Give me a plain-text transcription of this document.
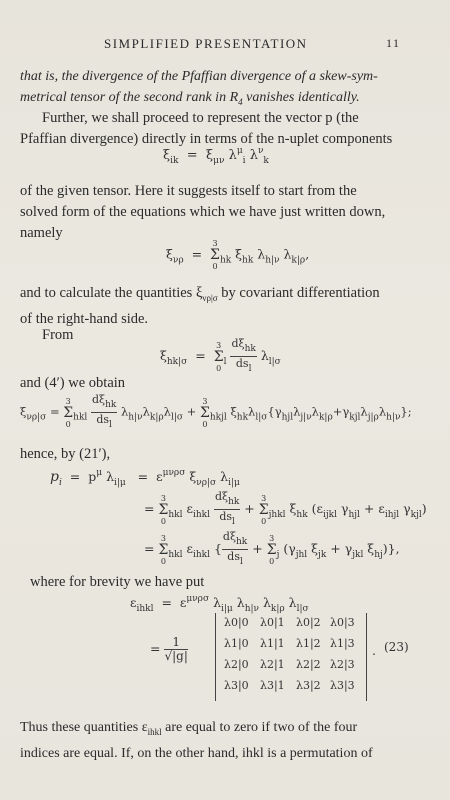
SIMPLIFIED PRESENTATION	11
that is, the divergence of the Pfaffian divergence of a skew-sym-
metrical tensor of the second rank in $R_4$ vanishes identically.
Further, we shall proceed to represent the vector p (the
Pfaffian divergence) directly in terms of the n-uplet components
$\xi_{ik} = \xi_{\mu\nu}$ $\lambda^\mu_i$ $\lambda^\nu_k$
of the given tensor. Here it suggests itself to start from the
solved form of the equations which we have just written down,
namely
$\xi_{\nu\rho}$  =
3
Σ
0
$_{hk}$ $\xi_{hk}$ $\lambda_{h|\nu}$ $\lambda_{k|\rho}$,
and to calculate the quantities $\xi_{\nu\rho|\sigma}$ by covariant differentiation
of the right-hand side.
From
$\xi_{hk|\sigma}$  =
3
Σ
0
$_l \frac{d\xi_{hk}}{ds_l} \lambda_{l|\sigma}$
and (4′) we obtain
$\xi_{\nu\rho|\sigma}$ =
3
Σ
0
$_{hkl} \frac{d\xi_{hk}}{ds_l} \lambda_{h|\nu}\lambda_{k|\rho}\lambda_{l|\sigma}$ +
3
Σ
0
$_{hkjl}$ $\xi_{hk}\lambda_{l|\sigma}\{\gamma_{hjl}\lambda_{j|\nu}\lambda_{k|\rho}+\gamma_{kjl}\lambda_{j|\rho}\lambda_{h|\nu}\}$;
hence, by (21′),
$p_i = p^\mu$ $\lambda_{i|\mu} = \varepsilon^{\mu\nu\rho\sigma}$ $\xi_{\nu\rho|\sigma}$ $\lambda_{i|\mu}$
=
3
Σ
0
$_{hkl}$ $\varepsilon_{ihkl} \frac{d\xi_{hk}}{ds_l}$ +
3
Σ
0
$_{jhkl}$ $\xi_{hk}$ ($\varepsilon_{ijkl}$ $\gamma_{hjl} + \varepsilon_{ihjl}$ $\gamma_{kjl}$)
=
3
Σ
0
$_{hkl}$ $\varepsilon_{ihkl}$ { $\frac{d\xi_{hk}}{ds_l}$ +
3
Σ
0
$_j$ ($\gamma_{jhl}$ $\xi_{jk} + \gamma_{jkl}$ $\xi_{hj}$)},
where for brevity we have put
$\varepsilon_{ihkl} = \varepsilon^{\mu\nu\rho\sigma}$ $\lambda_{i|\mu}$ $\lambda_{h|\nu}$ $\lambda_{k|\rho}$ $\lambda_{l|\sigma}$
= $\frac{1}{√|g|}$
λ0|0 λ0|1 λ0|2 λ0|3
λ1|0 λ1|1 λ1|2 λ1|3
λ2|0 λ2|1 λ2|2 λ2|3
λ3|0 λ3|1 λ3|2 λ3|3
. (23)
Thus these quantities $\varepsilon_{ihkl}$ are equal to zero if two of the four
indices are equal. If, on the other hand, ihkl is a permutation of
